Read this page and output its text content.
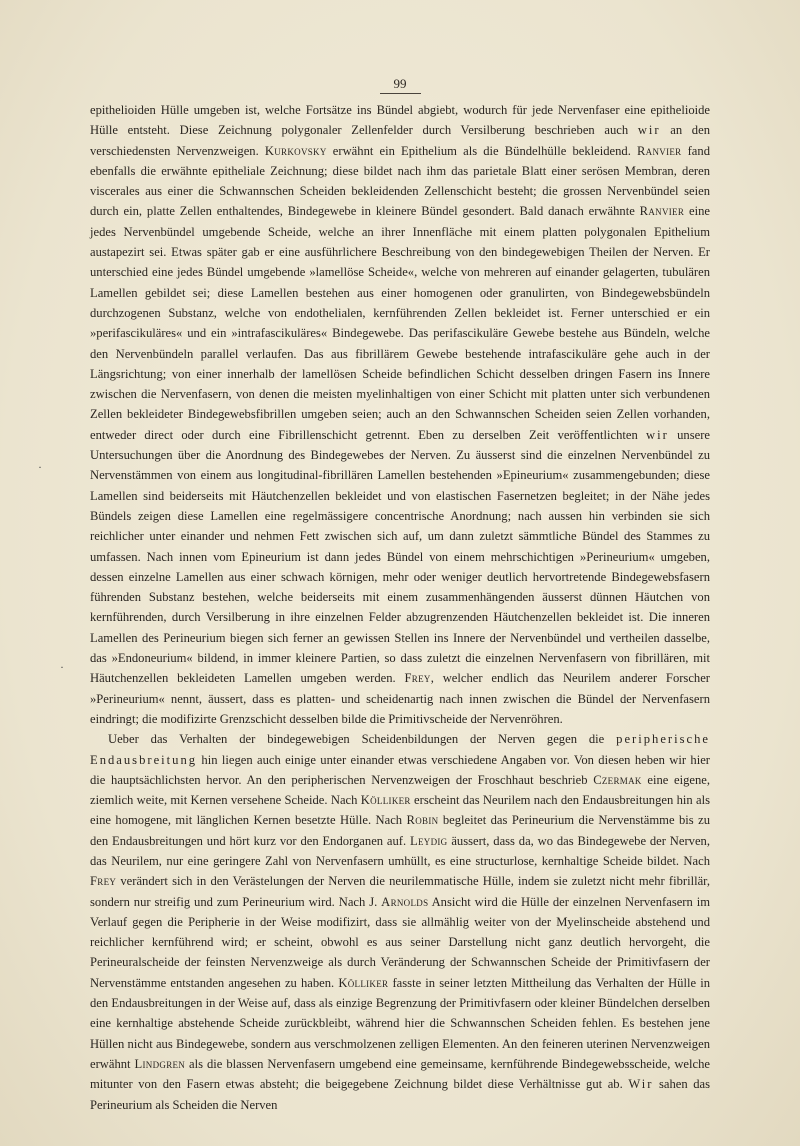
99

epithelioiden Hülle umgeben ist, welche Fortsätze ins Bündel abgiebt, wodurch für jede Nervenfaser eine epithelioide Hülle entsteht. Diese Zeichnung polygonaler Zellenfelder durch Versilberung beschrieben auch wir an den verschiedensten Nervenzweigen. Kurkovsky erwähnt ein Epithelium als die Bündelhülle bekleidend. Ranvier fand ebenfalls die erwähnte epitheliale Zeichnung; diese bildet nach ihm das parietale Blatt einer serösen Membran, deren viscerales aus einer die Schwannschen Scheiden bekleidenden Zellenschicht besteht; die grossen Nervenbündel seien durch ein, platte Zellen enthaltendes, Bindegewebe in kleinere Bündel gesondert. Bald danach erwähnte Ranvier eine jedes Nervenbündel umgebende Scheide, welche an ihrer Innenfläche mit einem platten polygonalen Epithelium austapezirt sei. Etwas später gab er eine ausführlichere Beschreibung von den bindegewebigen Theilen der Nerven. Er unterschied eine jedes Bündel umgebende »lamellöse Scheide«, welche von mehreren auf einander gelagerten, tubulären Lamellen gebildet sei; diese Lamellen bestehen aus einer homogenen oder granulirten, von Bindegewebsbündeln durchzogenen Substanz, welche von endothelialen, kernführenden Zellen bekleidet ist. Ferner unterschied er ein »perifascikuläres« und ein »intrafascikuläres« Bindegewebe. Das perifascikuläre Gewebe bestehe aus Bündeln, welche den Nervenbündeln parallel verlaufen. Das aus fibrillärem Gewebe bestehende intrafascikuläre gehe auch in der Längsrichtung; von einer innerhalb der lamellösen Scheide befindlichen Schicht desselben dringen Fasern ins Innere zwischen die Nervenfasern, von denen die meisten myelinhaltigen von einer Schicht mit platten unter sich verbundenen Zellen bekleideter Bindegewebsfibrillen umgeben seien; auch an den Schwannschen Scheiden seien Zellen vorhanden, entweder direct oder durch eine Fibrillenschicht getrennt. Eben zu derselben Zeit veröffentlichten wir unsere Untersuchungen über die Anordnung des Bindegewebes der Nerven. Zu äusserst sind die einzelnen Nervenbündel zu Nervenstämmen von einem aus longitudinal-fibrillären Lamellen bestehenden »Epineurium« zusammengebunden; diese Lamellen sind beiderseits mit Häutchenzellen bekleidet und von elastischen Fasernetzen begleitet; in der Nähe jedes Bündels zeigen diese Lamellen eine regelmässigere concentrische Anordnung; nach aussen hin verbinden sie sich reichlicher unter einander und nehmen Fett zwischen sich auf, um dann zuletzt sämmtliche Bündel des Stammes zu umfassen. Nach innen vom Epineurium ist dann jedes Bündel von einem mehrschichtigen »Perineurium« umgeben, dessen einzelne Lamellen aus einer schwach körnigen, mehr oder weniger deutlich hervortretende Bindegewebsfasern führenden Substanz bestehen, welche beiderseits mit einem zusammenhängenden äusserst dünnen Häutchen von kernführenden, durch Versilberung in ihre einzelnen Felder abzugrenzenden Häutchenzellen bekleidet ist. Die inneren Lamellen des Perineurium biegen sich ferner an gewissen Stellen ins Innere der Nervenbündel und vertheilen dasselbe, das »Endoneurium« bildend, in immer kleinere Partien, so dass zuletzt die einzelnen Nervenfasern von fibrillären, mit Häutchenzellen bekleideten Lamellen umgeben werden. Frey, welcher endlich das Neurilem anderer Forscher »Perineurium« nennt, äussert, dass es platten- und scheidenartig nach innen zwischen die Bündel der Nervenfasern eindringt; die modifizirte Grenzschicht desselben bilde die Primitivscheide der Nervenröhren.

Ueber das Verhalten der bindegewebigen Scheidenbildungen der Nerven gegen die peripherische Endausbreitung hin liegen auch einige unter einander etwas verschiedene Angaben vor. Von diesen heben wir hier die hauptsächlichsten hervor. An den peripherischen Nervenzweigen der Froschhaut beschrieb Czermak eine eigene, ziemlich weite, mit Kernen versehene Scheide. Nach Kölliker erscheint das Neurilem nach den Endausbreitungen hin als eine homogene, mit länglichen Kernen besetzte Hülle. Nach Robin begleitet das Perineurium die Nervenstämme bis zu den Endausbreitungen und hört kurz vor den Endorganen auf. Leydig äussert, dass da, wo das Bindegewebe der Nerven, das Neurilem, nur eine geringere Zahl von Nervenfasern umhüllt, es eine structurlose, kernhaltige Scheide bildet. Nach Frey verändert sich in den Verästelungen der Nerven die neurilemmatische Hülle, indem sie zuletzt nicht mehr fibrillär, sondern nur streifig und zum Perineurium wird. Nach J. Arnolds Ansicht wird die Hülle der einzelnen Nervenfasern im Verlauf gegen die Peripherie in der Weise modifizirt, dass sie allmählig weiter von der Myelinscheide abstehend und reichlicher kernführend wird; er scheint, obwohl es aus seiner Darstellung nicht ganz deutlich hervorgeht, die Perineuralscheide der feinsten Nervenzweige als durch Veränderung der Schwannschen Scheide der Primitivfasern der Nervenstämme entstanden angesehen zu haben. Kölliker fasste in seiner letzten Mittheilung das Verhalten der Hülle in den Endausbreitungen in der Weise auf, dass als einzige Begrenzung der Primitivfasern oder kleiner Bündelchen derselben eine kernhaltige abstehende Scheide zurückbleibt, während hier die Schwannschen Scheiden fehlen. Es bestehen jene Hüllen nicht aus Bindegewebe, sondern aus verschmolzenen zelligen Elementen. An den feineren uterinen Nervenzweigen erwähnt Lindgren als die blassen Nervenfasern umgebend eine gemeinsame, kernführende Bindegewebsscheide, welche mitunter von den Fasern etwas absteht; die beigegebene Zeichnung bildet diese Verhältnisse gut ab. Wir sahen das Perineurium als Scheiden die Nerven

·
·
